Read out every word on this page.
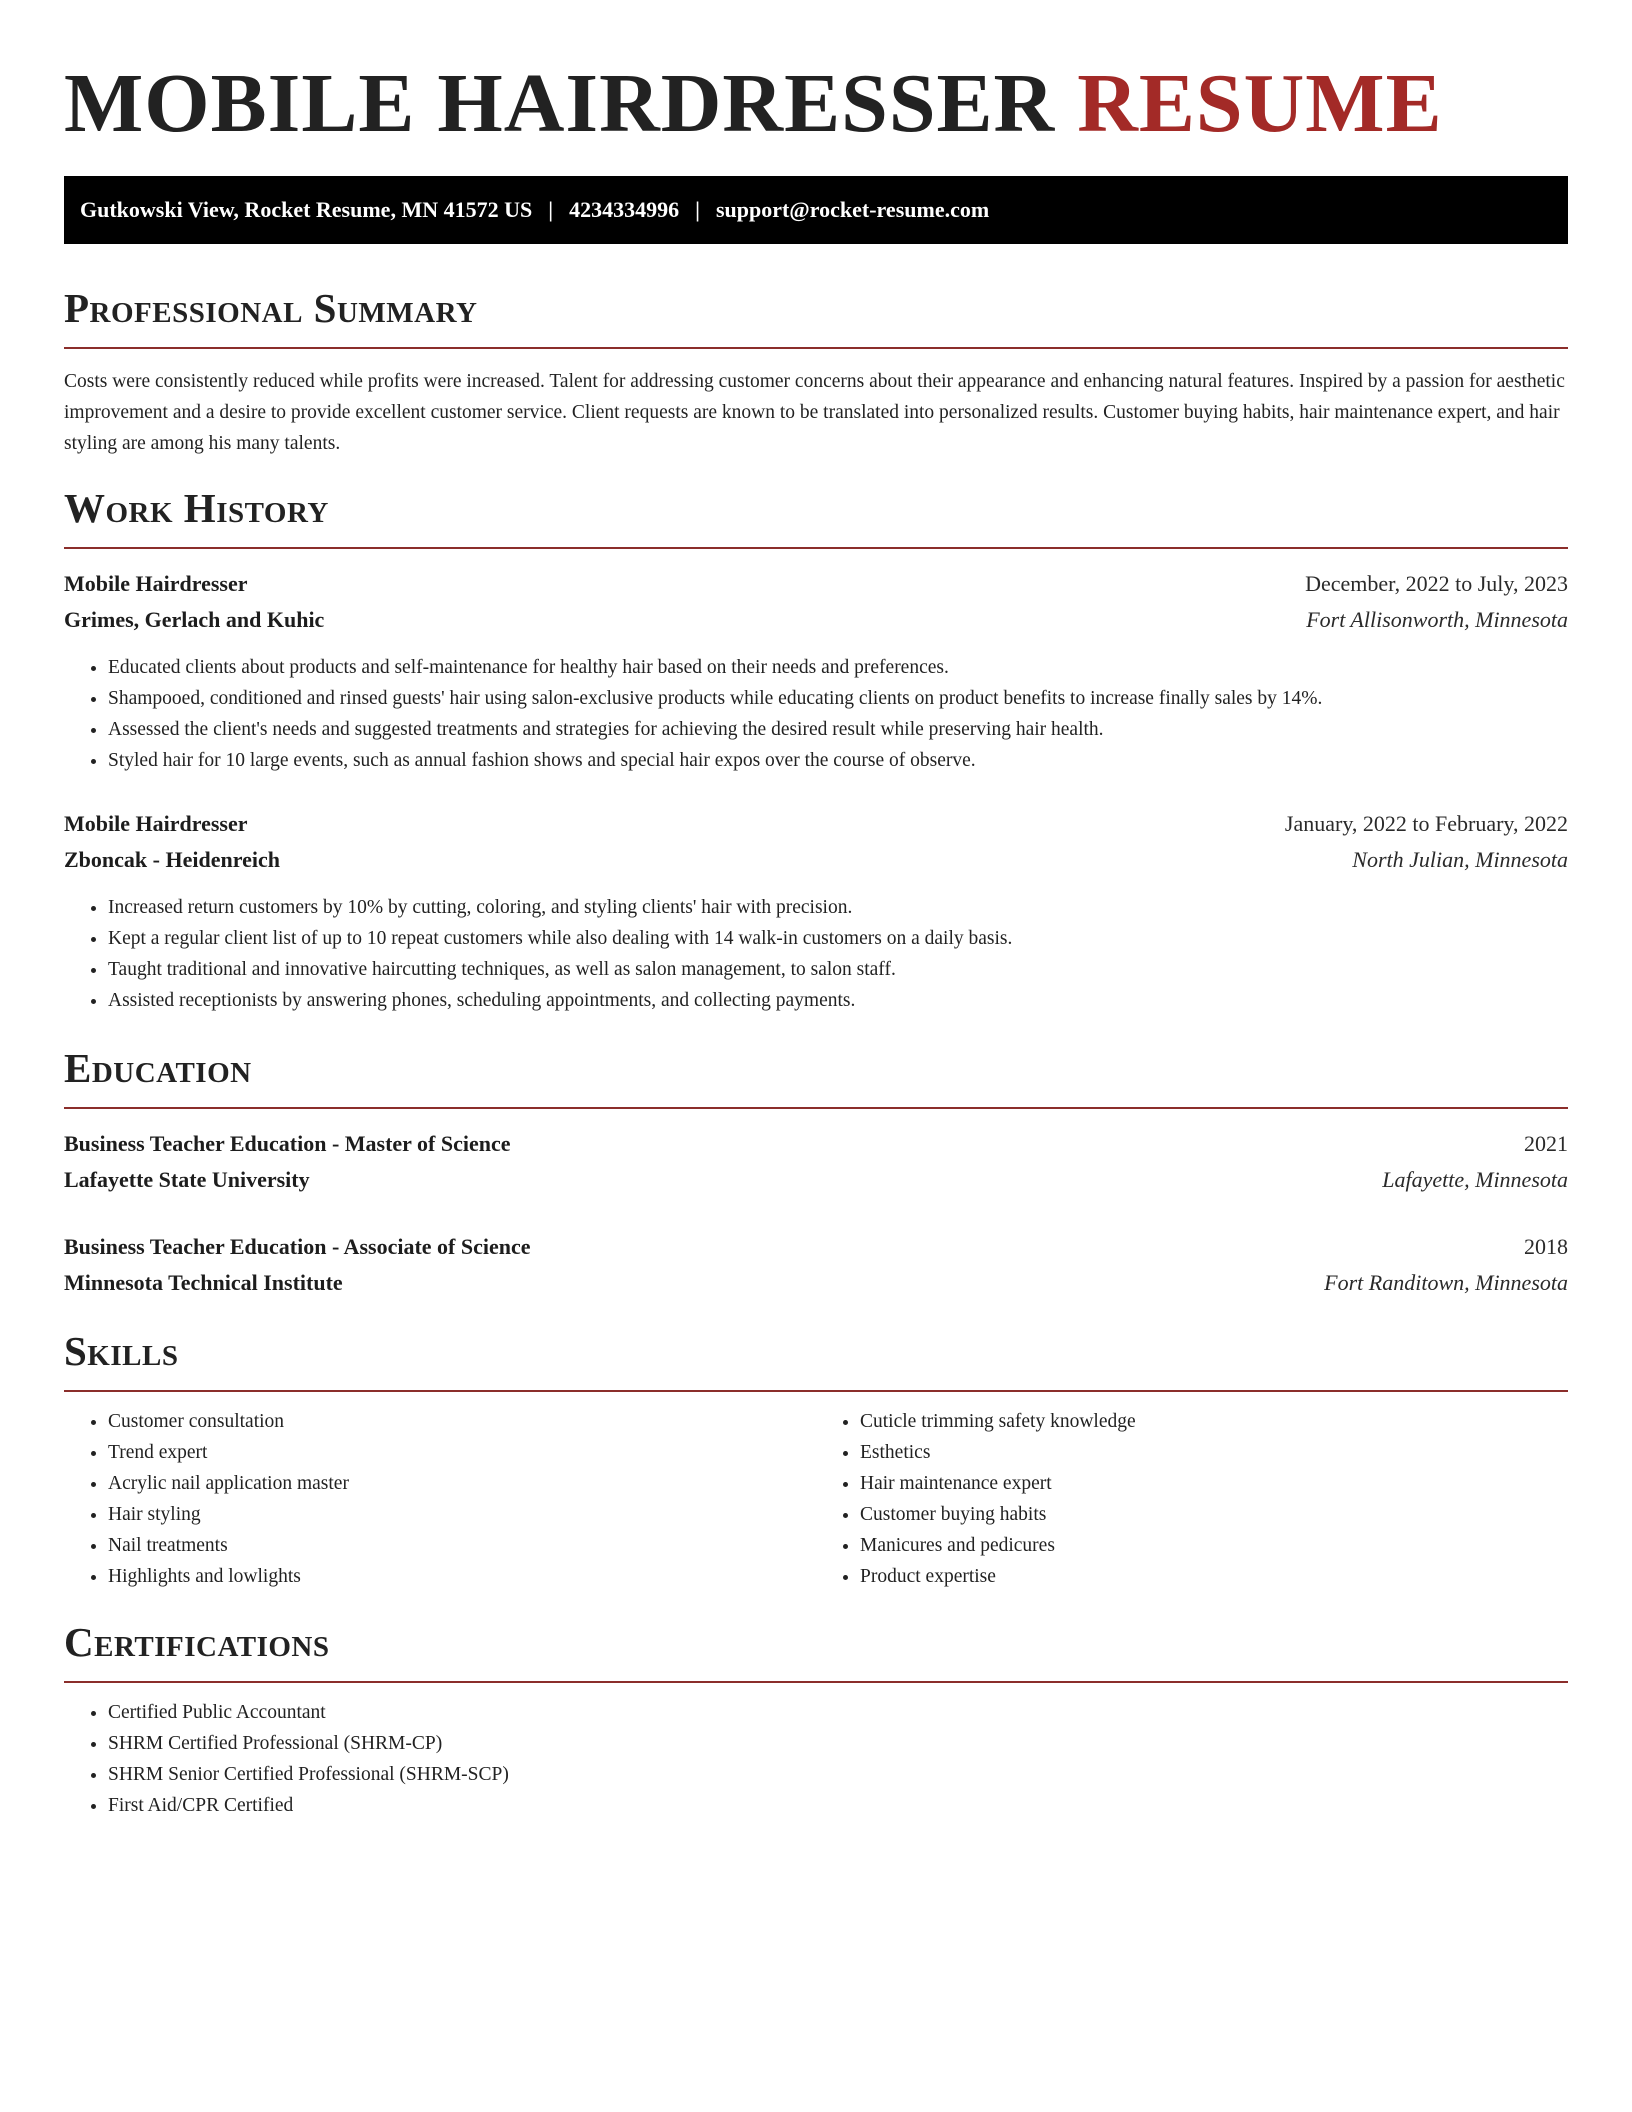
MOBILE HAIRDRESSER RESUME
Gutkowski View, Rocket Resume, MN 41572 US | 4234334996 | support@rocket-resume.com
Professional Summary

Costs were consistently reduced while profits were increased. Talent for addressing customer concerns about their appearance and enhancing natural features. Inspired by a passion for aesthetic improvement and a desire to provide excellent customer service. Client requests are known to be translated into personalized results. Customer buying habits, hair maintenance expert, and hair styling are among his many talents.

Work History
Mobile Hairdresser	December, 2022 to July, 2023
Grimes, Gerlach and Kuhic	Fort Allisonworth, Minnesota
• Educated clients about products and self-maintenance for healthy hair based on their needs and preferences.
• Shampooed, conditioned and rinsed guests' hair using salon-exclusive products while educating clients on product benefits to increase finally sales by 14%.
• Assessed the client's needs and suggested treatments and strategies for achieving the desired result while preserving hair health.
• Styled hair for 10 large events, such as annual fashion shows and special hair expos over the course of observe.
Mobile Hairdresser	January, 2022 to February, 2022
Zboncak - Heidenreich	North Julian, Minnesota
• Increased return customers by 10% by cutting, coloring, and styling clients' hair with precision.
• Kept a regular client list of up to 10 repeat customers while also dealing with 14 walk-in customers on a daily basis.
• Taught traditional and innovative haircutting techniques, as well as salon management, to salon staff.
• Assisted receptionists by answering phones, scheduling appointments, and collecting payments.
Education
Business Teacher Education - Master of Science	2021
Lafayette State University	Lafayette, Minnesota
Business Teacher Education - Associate of Science	2018
Minnesota Technical Institute	Fort Randitown, Minnesota
Skills
• Customer consultation
• Trend expert
• Acrylic nail application master
• Hair styling
• Nail treatments
• Highlights and lowlights
• Cuticle trimming safety knowledge
• Esthetics
• Hair maintenance expert
• Customer buying habits
• Manicures and pedicures
• Product expertise
Certifications
• Certified Public Accountant
• SHRM Certified Professional (SHRM-CP)
• SHRM Senior Certified Professional (SHRM-SCP)
• First Aid/CPR Certified
